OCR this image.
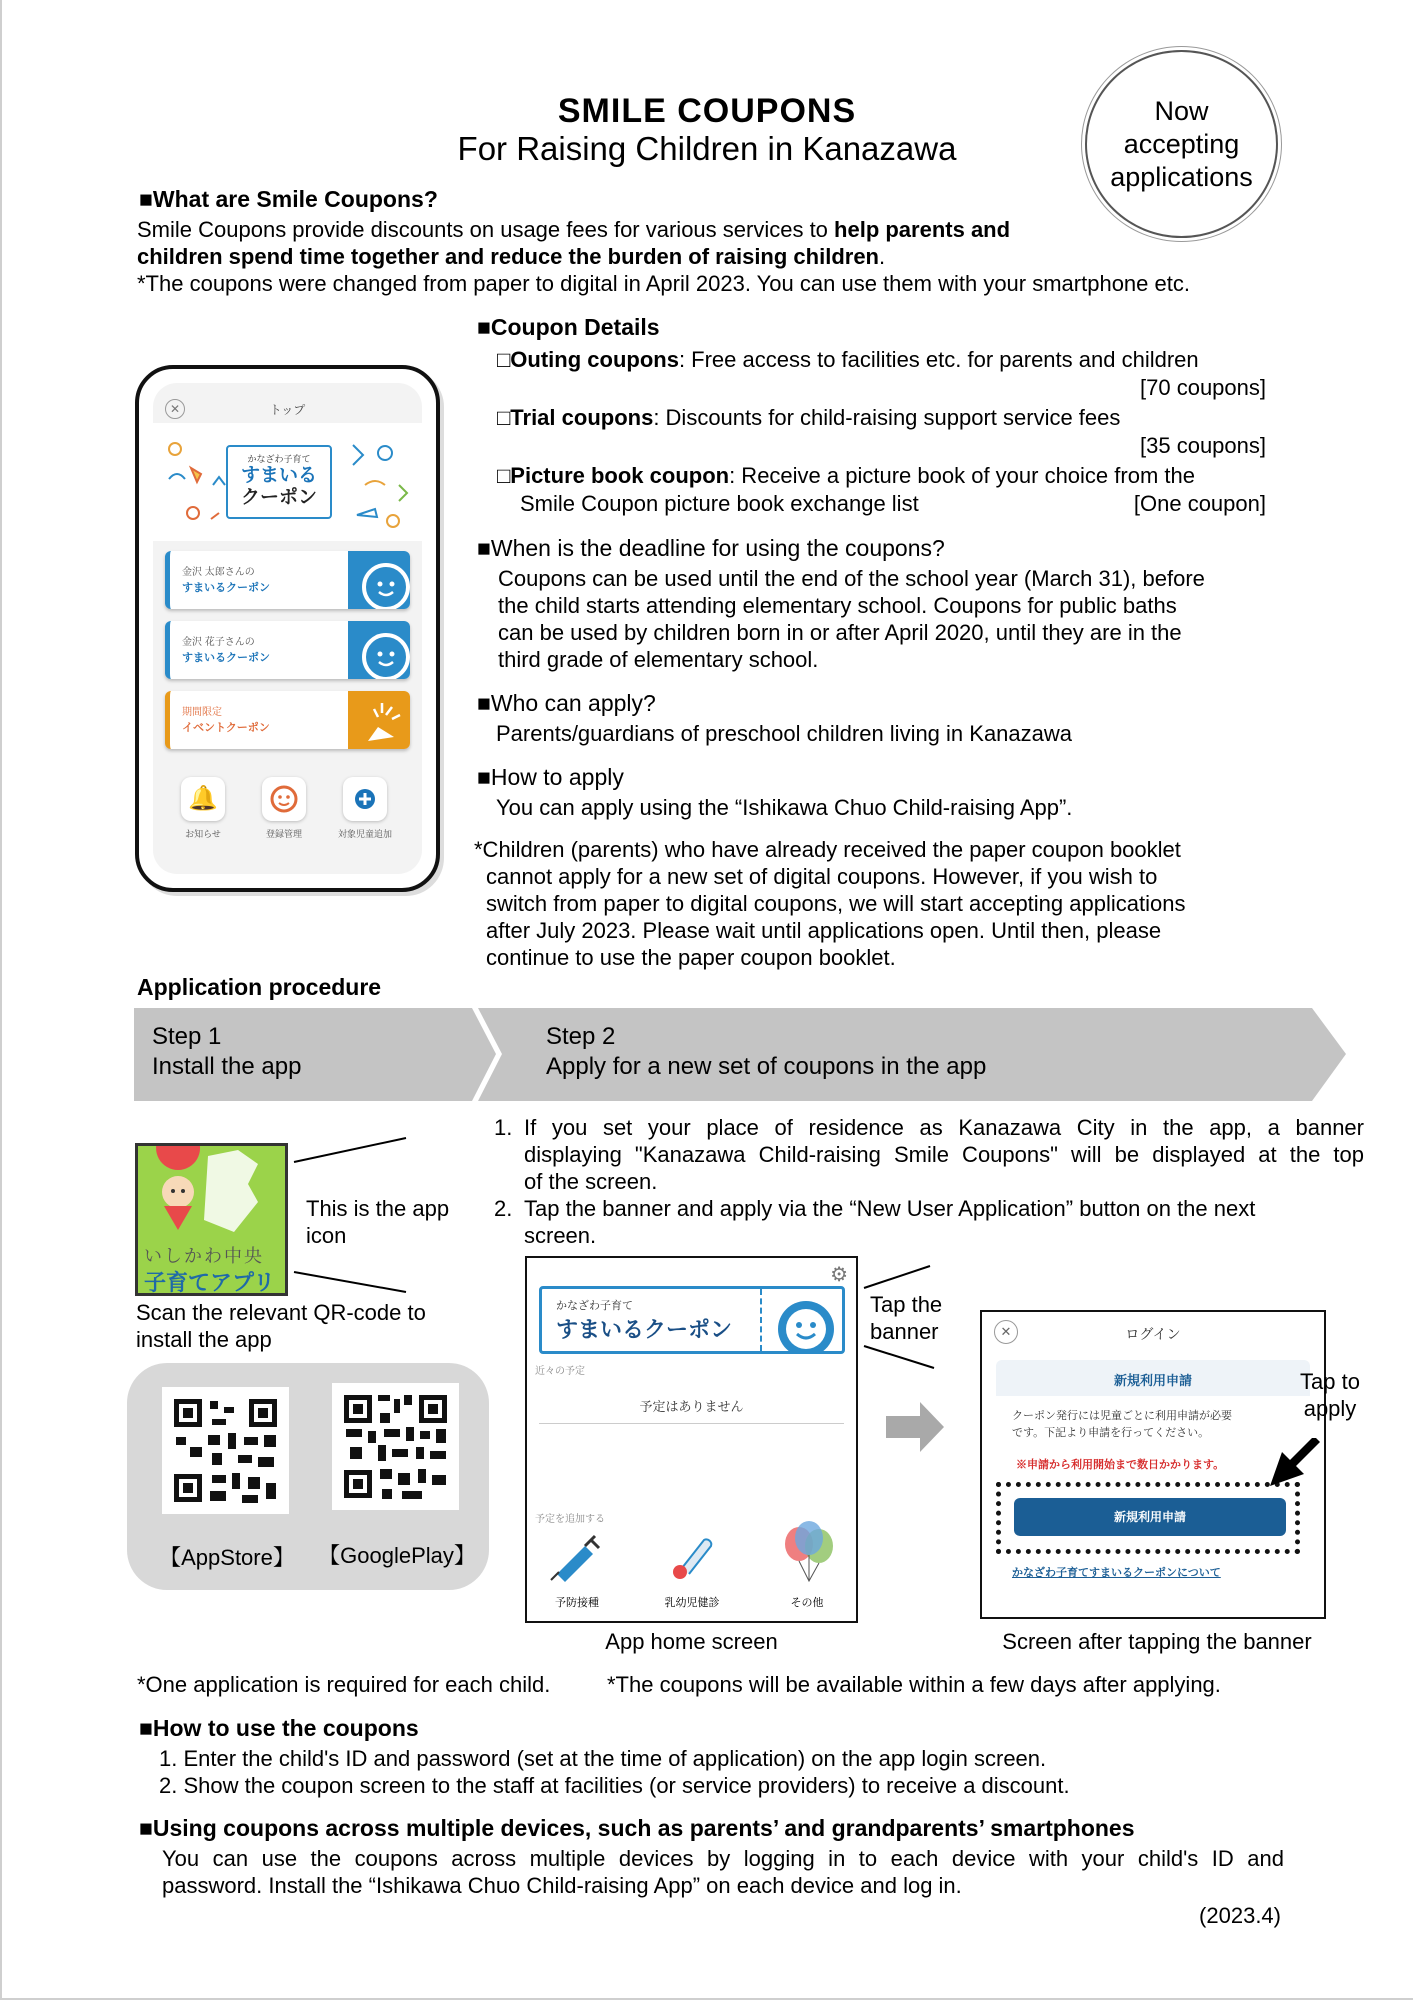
SMILE COUPONS
For Raising Children in Kanazawa
Now accepting applications
■What are Smile Coupons?
Smile Coupons provide discounts on usage fees for various services to help parents and
children spend time together and reduce the burden of raising children.
*The coupons were changed from paper to digital in April 2023. You can use them with your smartphone etc.
■Coupon Details
□Outing coupons: Free access to facilities etc. for parents and children
[70 coupons]
□Trial coupons: Discounts for child-raising support service fees
[35 coupons]
□Picture book coupon: Receive a picture book of your choice from the
Smile Coupon picture book exchange list	[One coupon]
■When is the deadline for using the coupons?
Coupons can be used until the end of the school year (March 31), before
the child starts attending elementary school. Coupons for public baths
can be used by children born in or after April 2020, until they are in the
third grade of elementary school.
■Who can apply?
Parents/guardians of preschool children living in Kanazawa
■How to apply
You can apply using the “Ishikawa Chuo Child-raising App”.
*Children (parents) who have already received the paper coupon booklet
cannot apply for a new set of digital coupons. However, if you wish to
switch from paper to digital coupons, we will start accepting applications
after July 2023. Please wait until applications open. Until then, please
continue to use the paper coupon booklet.
✕	トップ
かなざわ子育て
すまいる
クーポン
金沢 太郎さんの
すまいるクーポン
金沢 花子さんの
すまいるクーポン
期間限定
イベントクーポン
🔔
お知らせ	登録管理	対象児童追加
Application procedure
Step 1
Install the app
Step 2
Apply for a new set of coupons in the app
1. If you set your place of residence as Kanazawa City in the app, a banner
displaying "Kanazawa Child-raising Smile Coupons" will be displayed at the top
of the screen.
2. Tap the banner and apply via the “New User Application” button on the next
screen.
いしかわ中央
子育てアプリ
This is the app icon
Scan the relevant QR-code to
install the app
【AppStore】	【GooglePlay】
⚙
かなざわ子育て
すまいるクーポン
近々の予定
予定はありません
予定を追加する
予防接種	乳幼児健診	その他
App home screen
Tap the banner	✕	ログイン
新規利用申請
クーポン発行には児童ごとに利用申請が必要
です。下記より申請を行ってください。
※申請から利用開始まで数日かかります。
新規利用申請
かなざわ子育てすまいるクーポンについて
Tap to apply
Screen after tapping the banner
*One application is required for each child.	*The coupons will be available within a few days after applying.
■How to use the coupons
1. Enter the child's ID and password (set at the time of application) on the app login screen.
2. Show the coupon screen to the staff at facilities (or service providers) to receive a discount.
■Using coupons across multiple devices, such as parents’ and grandparents’ smartphones
You can use the coupons across multiple devices by logging in to each device with your child's ID and
password. Install the “Ishikawa Chuo Child-raising App” on each device and log in.
(2023.4)
